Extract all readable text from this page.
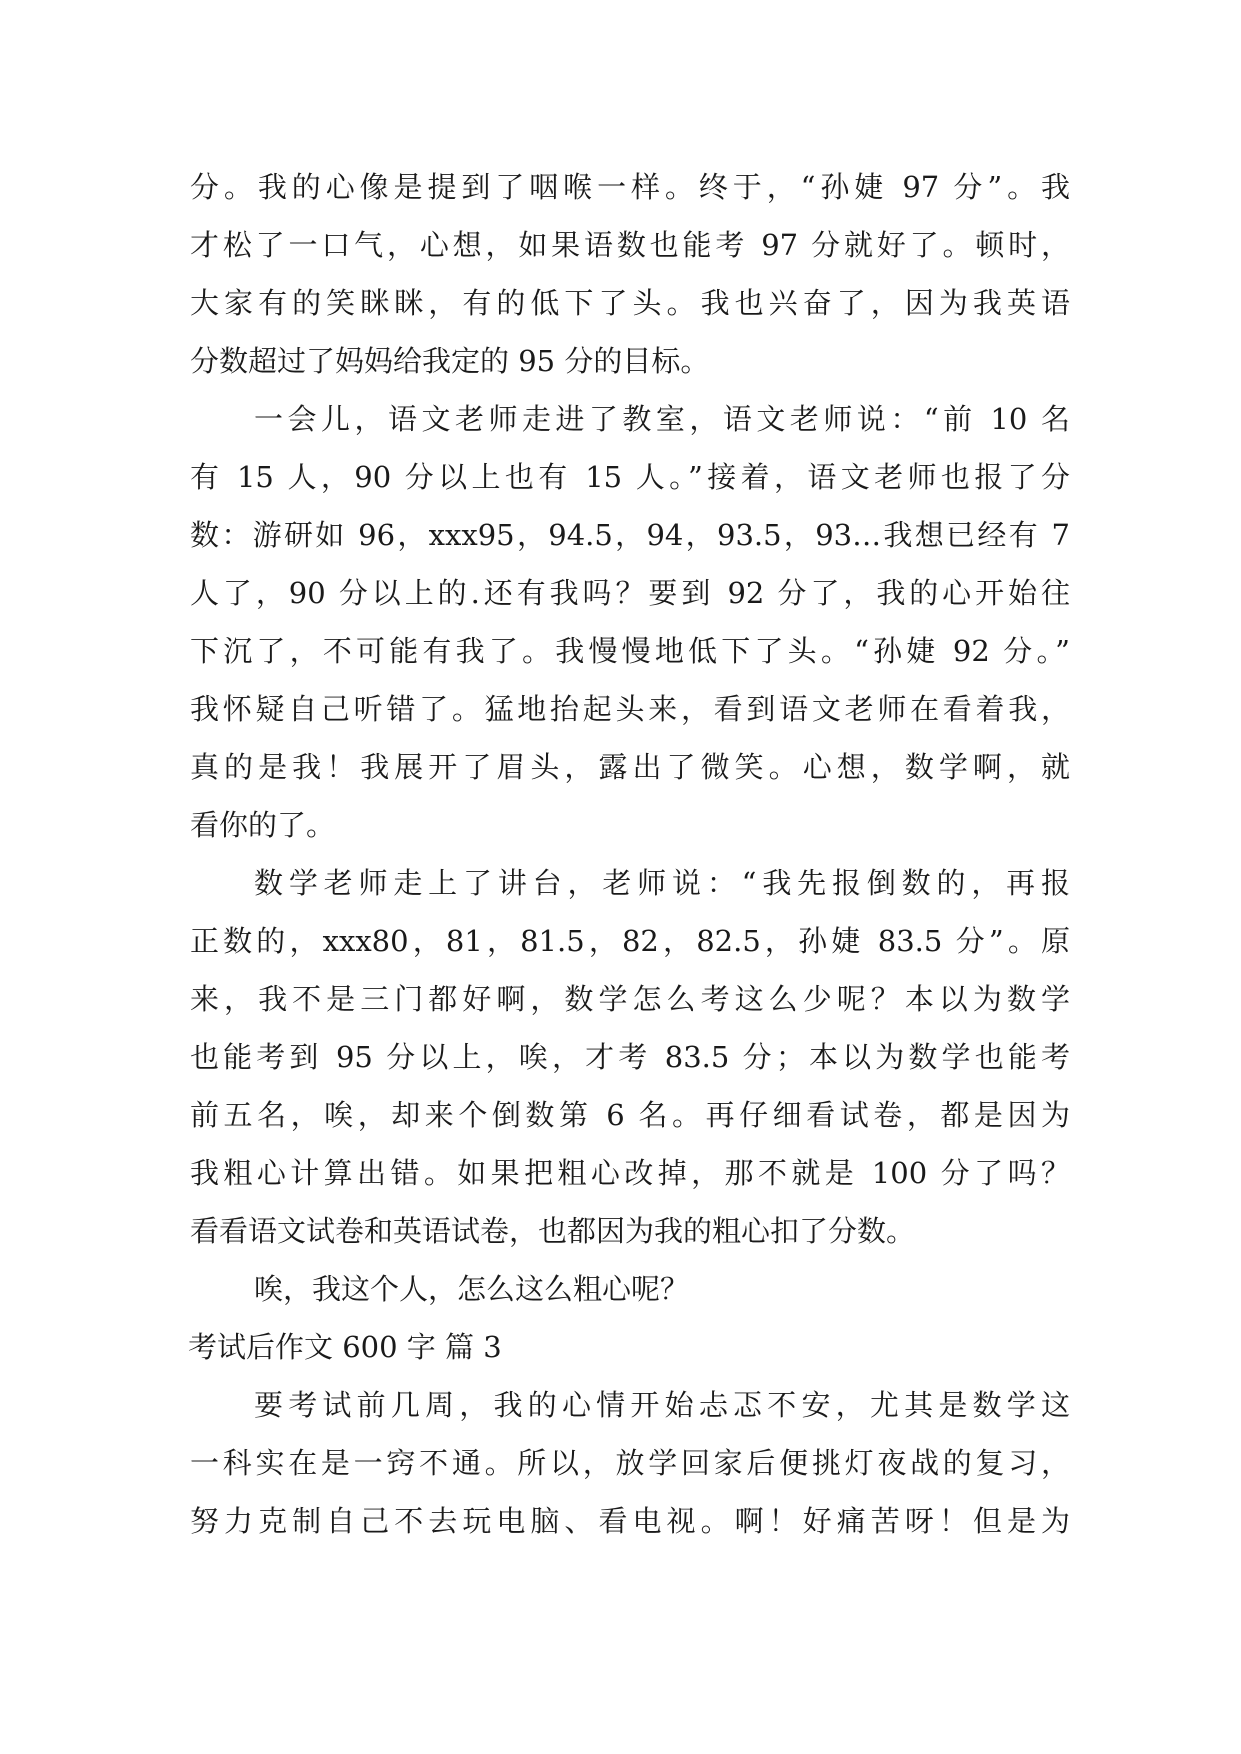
分。我的心像是提到了咽喉一样。终于，“孙婕 97 分”。我
才松了一口气，心想，如果语数也能考 97 分就好了。顿时，
大家有的笑眯眯，有的低下了头。我也兴奋了，因为我英语
分数超过了妈妈给我定的 95 分的目标。
一会儿，语文老师走进了教室，语文老师说：“前 10 名
有 15 人，90 分以上也有 15 人。”接着，语文老师也报了分
数：游研如 96，xxx95，94.5，94，93.5，93…我想已经有 7
人了，90 分以上的.还有我吗？要到 92 分了，我的心开始往
下沉了，不可能有我了。我慢慢地低下了头。“孙婕 92 分。”
我怀疑自己听错了。猛地抬起头来，看到语文老师在看着我，
真的是我！我展开了眉头，露出了微笑。心想，数学啊，就
看你的了。
数学老师走上了讲台，老师说：“我先报倒数的，再报
正数的，xxx80，81，81.5，82，82.5，孙婕 83.5 分”。原
来，我不是三门都好啊，数学怎么考这么少呢？本以为数学
也能考到 95 分以上，唉，才考 83.5 分；本以为数学也能考
前五名，唉，却来个倒数第 6 名。再仔细看试卷，都是因为
我粗心计算出错。如果把粗心改掉，那不就是 100 分了吗？
看看语文试卷和英语试卷，也都因为我的粗心扣了分数。
唉，我这个人，怎么这么粗心呢？
考试后作文 600 字 篇 3
要考试前几周，我的心情开始忐忑不安，尤其是数学这
一科实在是一窍不通。所以，放学回家后便挑灯夜战的复习，
努力克制自己不去玩电脑、看电视。啊！好痛苦呀！但是为
